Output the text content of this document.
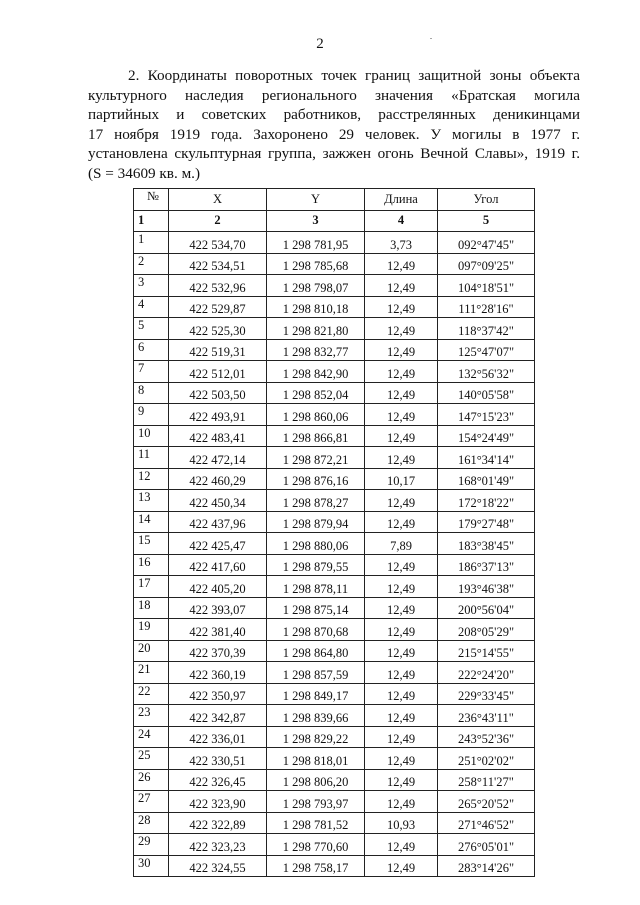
2	.
2. Координаты поворотных точек границ защитной зоны объекта
культурного наследия регионального значения «Братская могила
партийных и советских работников, расстрелянных деникинцами
17 ноября 1919 года. Захоронено 29 человек. У могилы в 1977 г.
установлена скульптурная группа, зажжен огонь Вечной Славы», 1919 г.
(S = 34609 кв. м.)
№	X	Y	Длина	Угол
1	2	3	4	5
1	422 534,70	1 298 781,95	3,73	092°47'45"
2	422 534,51	1 298 785,68	12,49	097°09'25"
3	422 532,96	1 298 798,07	12,49	104°18'51"
4	422 529,87	1 298 810,18	12,49	111°28'16"
5	422 525,30	1 298 821,80	12,49	118°37'42"
6	422 519,31	1 298 832,77	12,49	125°47'07"
7	422 512,01	1 298 842,90	12,49	132°56'32"
8	422 503,50	1 298 852,04	12,49	140°05'58"
9	422 493,91	1 298 860,06	12,49	147°15'23"
10	422 483,41	1 298 866,81	12,49	154°24'49"
11	422 472,14	1 298 872,21	12,49	161°34'14"
12	422 460,29	1 298 876,16	10,17	168°01'49"
13	422 450,34	1 298 878,27	12,49	172°18'22"
14	422 437,96	1 298 879,94	12,49	179°27'48"
15	422 425,47	1 298 880,06	7,89	183°38'45"
16	422 417,60	1 298 879,55	12,49	186°37'13"
17	422 405,20	1 298 878,11	12,49	193°46'38"
18	422 393,07	1 298 875,14	12,49	200°56'04"
19	422 381,40	1 298 870,68	12,49	208°05'29"
20	422 370,39	1 298 864,80	12,49	215°14'55"
21	422 360,19	1 298 857,59	12,49	222°24'20"
22	422 350,97	1 298 849,17	12,49	229°33'45"
23	422 342,87	1 298 839,66	12,49	236°43'11"
24	422 336,01	1 298 829,22	12,49	243°52'36"
25	422 330,51	1 298 818,01	12,49	251°02'02"
26	422 326,45	1 298 806,20	12,49	258°11'27"
27	422 323,90	1 298 793,97	12,49	265°20'52"
28	422 322,89	1 298 781,52	10,93	271°46'52"
29	422 323,23	1 298 770,60	12,49	276°05'01"
30	422 324,55	1 298 758,17	12,49	283°14'26"
